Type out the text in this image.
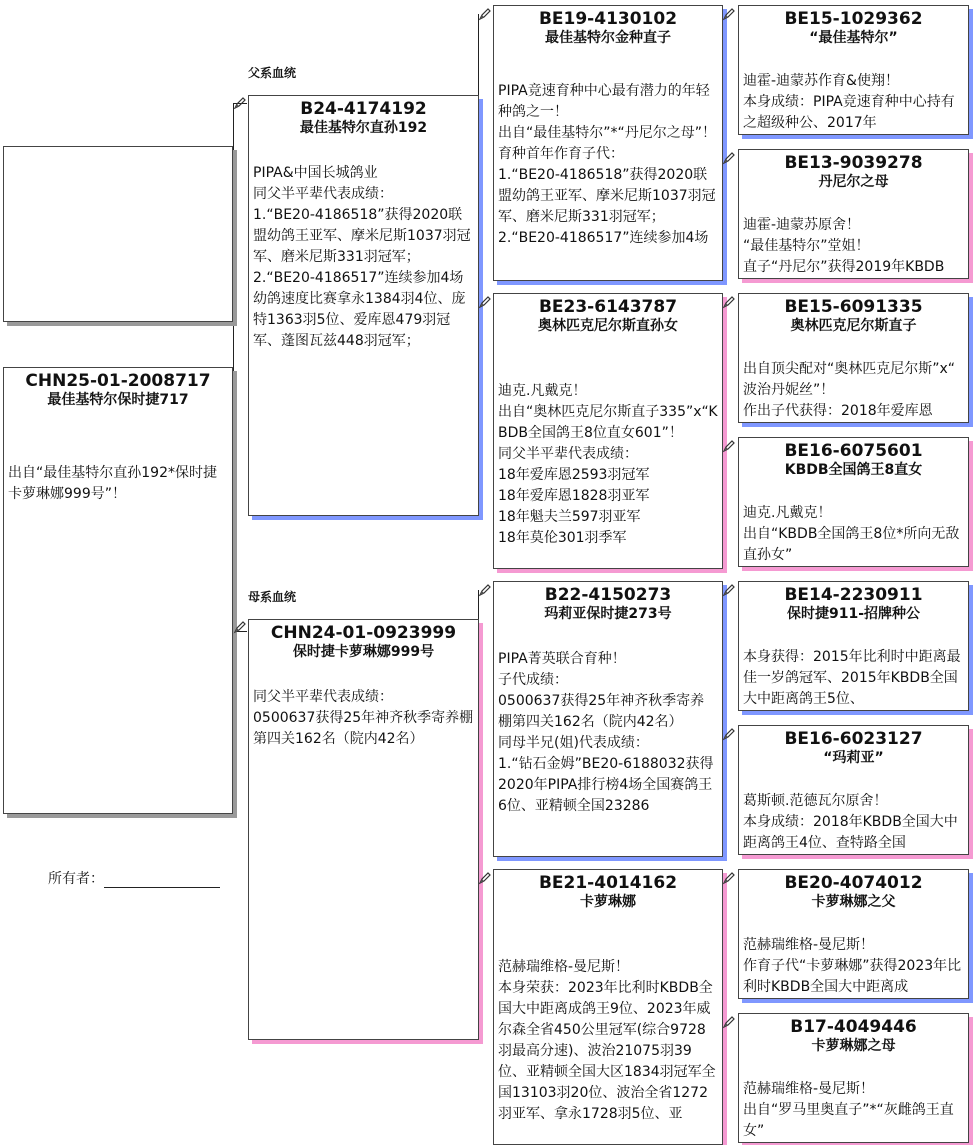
父系血统
母系血统
CHN25-01-2008717
最佳基特尔保时捷717
出自“最佳基特尔直孙192*保时捷卡萝琳娜999号”！
所有者：
B24-4174192
最佳基特尔直孙192
PIPA&中国长城鸽业
同父半平辈代表成绩：
1.“BE20-4186518”获得2020联盟幼鸽王亚军、摩米尼斯1037羽冠军、磨米尼斯331羽冠军；
2.“BE20-4186517”连续参加4场幼鸽速度比赛拿永1384羽4位、庞特1363羽5位、爱库恩479羽冠军、蓬图瓦兹448羽冠军；
CHN24-01-0923999
保时捷卡萝琳娜999号
同父半平辈代表成绩：
0500637获得25年神齐秋季寄养棚第四关162名（院内42名）
BE19-4130102
最佳基特尔金种直子
PIPA竞速育种中心最有潜力的年轻种鸽之一！
出自“最佳基特尔”*“丹尼尔之母”！
育种首年作育子代：
1.“BE20-4186518”获得2020联盟幼鸽王亚军、摩米尼斯1037羽冠军、磨米尼斯331羽冠军；
2.“BE20-4186517”连续参加4场
BE23-6143787
奥林匹克尼尔斯直孙女
迪克.凡戴克！
出自“奥林匹克尼尔斯直子335”x“KBDB全国鸽王8位直女601”！
同父半平辈代表成绩：
18年爱库恩2593羽冠军
18年爱库恩1828羽亚军
18年魁夫兰597羽亚军
18年莫伦301羽季军
B22-4150273
玛莉亚保时捷273号
PIPA菁英联合育种！
子代成绩：
0500637获得25年神齐秋季寄养棚第四关162名（院内42名）
同母半兄(姐)代表成绩：
1.“钻石金姆”BE20-6188032获得2020年PIPA排行榜4场全国赛鸽王6位、亚精顿全国23286
BE21-4014162
卡萝琳娜
范赫瑞维格-曼尼斯！
本身荣获：2023年比利时KBDB全国大中距离成鸽王9位、2023年威尔森全省450公里冠军(综合9728羽最高分速)、波治21075羽39位、亚精顿全国大区1834羽冠军全国13103羽20位、波治全省1272羽亚军、拿永1728羽5位、亚
BE15-1029362
“最佳基特尔”
迪霍-迪蒙苏作育&使翔！
本身成绩：PIPA竞速育种中心持有之超级种公、2017年
BE13-9039278
丹尼尔之母
迪霍-迪蒙苏原舍！
“最佳基特尔”堂姐！
直子“丹尼尔”获得2019年KBDB
BE15-6091335
奥林匹克尼尔斯直子
出自顶尖配对“奥林匹克尼尔斯”x“ 波治丹妮丝”！
作出子代获得：2018年爱库恩
BE16-6075601
KBDB全国鸽王8直女
迪克.凡戴克！
出自“KBDB全国鸽王8位*所向无敌直孙女”
BE14-2230911
保时捷911-招牌种公
本身获得：2015年比利时中距离最佳一岁鸽冠军、2015年KBDB全国大中距离鸽王5位、
BE16-6023127
“玛莉亚”
葛斯顿.范德瓦尔原舍！
本身成绩：2018年KBDB全国大中距离鸽王4位、查特路全国
BE20-4074012
卡萝琳娜之父
范赫瑞维格-曼尼斯！
作育子代“卡萝琳娜”获得2023年比利时KBDB全国大中距离成
B17-4049446
卡萝琳娜之母
范赫瑞维格-曼尼斯！
出自“罗马里奥直子”*“灰雌鸽王直女”
